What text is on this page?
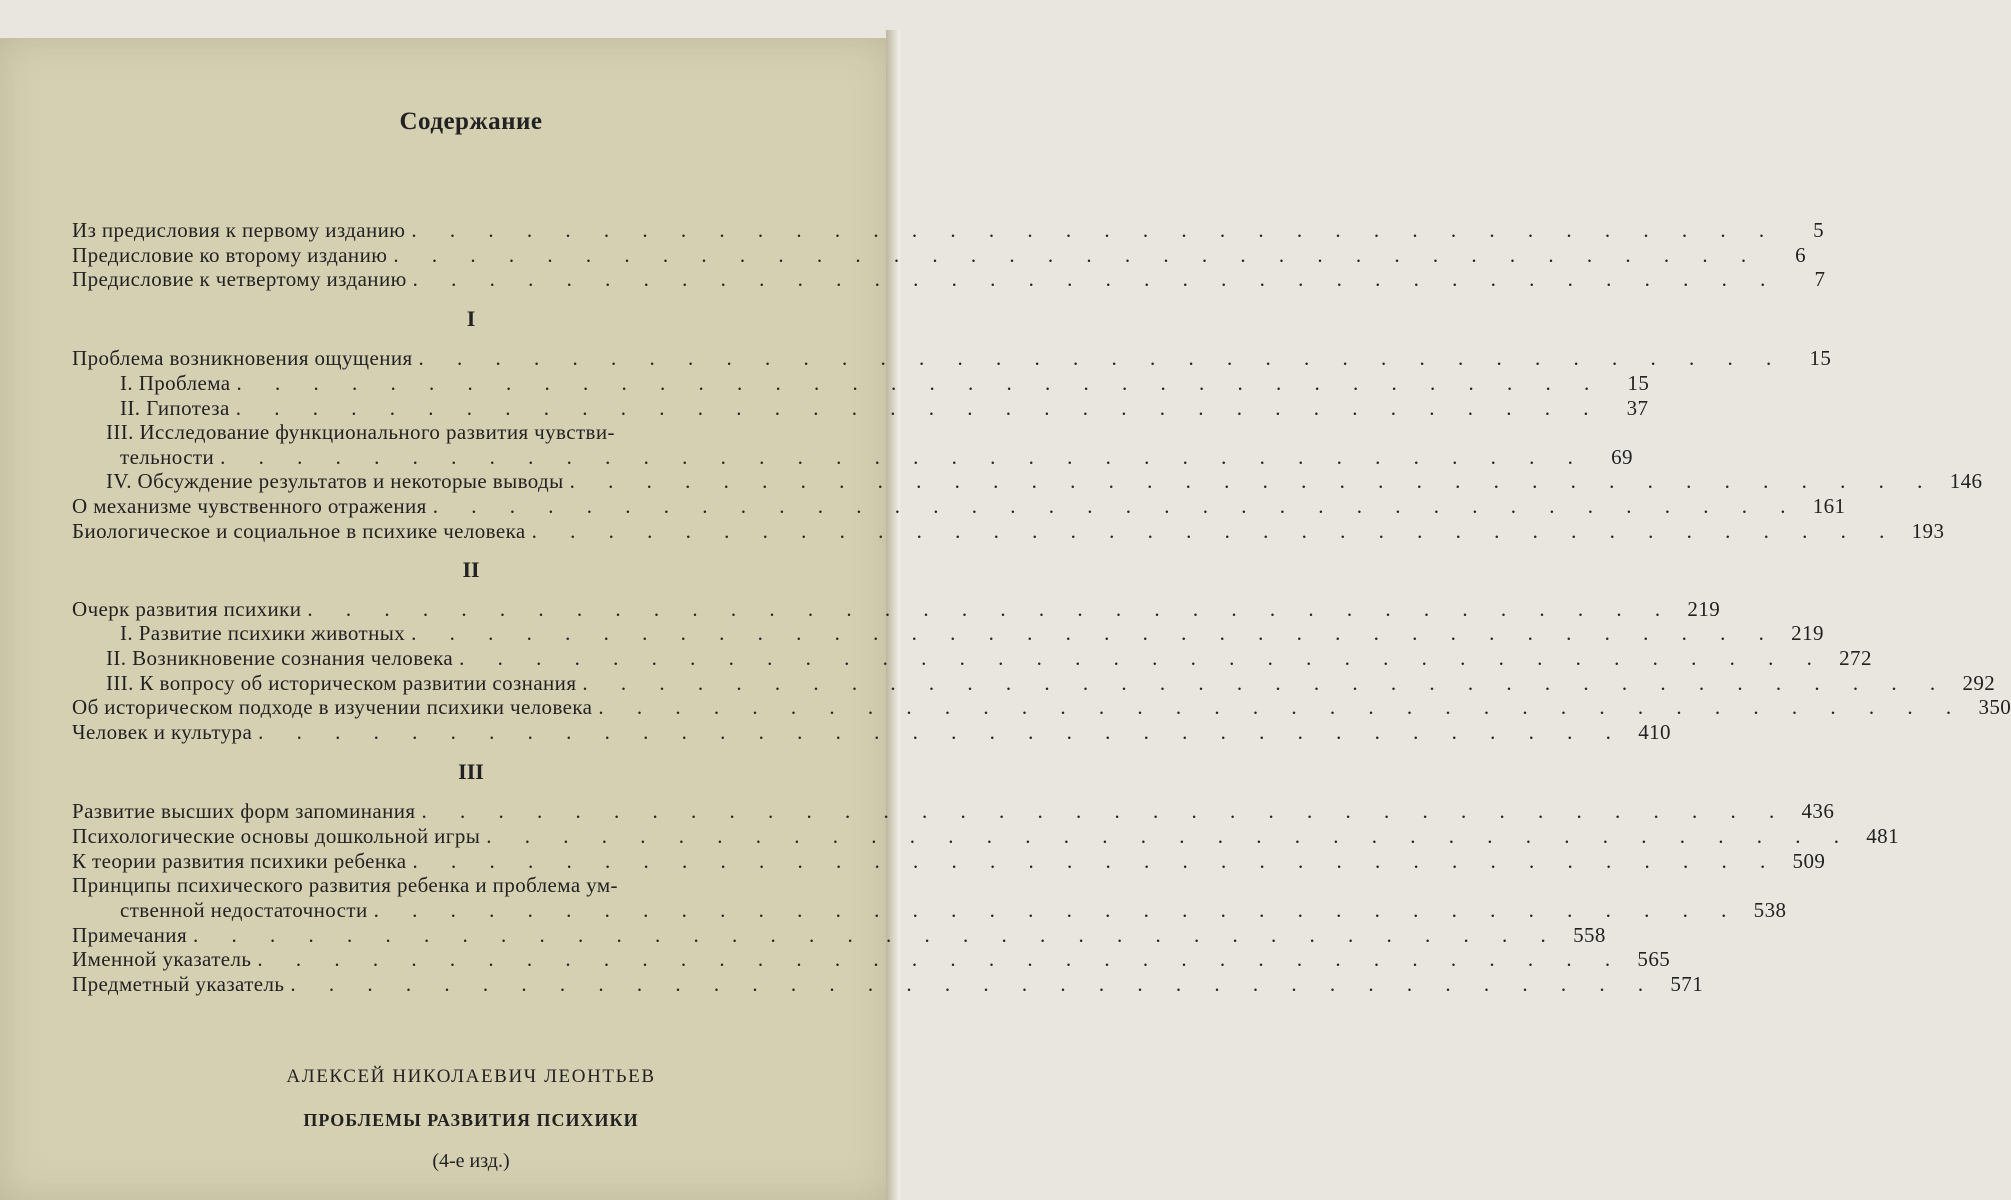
Содержание
Из предисловия к первому изданию . . . . . . . . . . . . . . . . . . . . . . . . . . . . . . . . . . . .	5
Предисловие ко второму изданию . . . . . . . . . . . . . . . . . . . . . . . . . . . . . . . . . . . .	6
Предисловие к четвертому изданию . . . . . . . . . . . . . . . . . . . . . . . . . . . . . . . . . . . .	7
I
Проблема возникновения ощущения . . . . . . . . . . . . . . . . . . . . . . . . . . . . . . . . . . . .	15
I. Проблема . . . . . . . . . . . . . . . . . . . . . . . . . . . . . . . . . . . .	15
II. Гипотеза . . . . . . . . . . . . . . . . . . . . . . . . . . . . . . . . . . . .	37
III. Исследование функционального развития чувстви-
тельности . . . . . . . . . . . . . . . . . . . . . . . . . . . . . . . . . . . .	69
IV. Обсуждение результатов и некоторые выводы . . . . . . . . . . . . . . . . . . . . . . . . . . . . . . . . . . . . 146
О механизме чувственного отражения . . . . . . . . . . . . . . . . . . . . . . . . . . . . . . . . . . . . 161
Биологическое и социальное в психике человека . . . . . . . . . . . . . . . . . . . . . . . . . . . . . . . . . . . . 193
II
Очерк развития психики . . . . . . . . . . . . . . . . . . . . . . . . . . . . . . . . . . . . 219
I. Развитие психики животных . . . . . . . . . . . . . . . . . . . . . . . . . . . . . . . . . . . . 219
II. Возникновение сознания человека . . . . . . . . . . . . . . . . . . . . . . . . . . . . . . . . . . . . 272
III. К вопросу об историческом развитии сознания . . . . . . . . . . . . . . . . . . . . . . . . . . . . . . . . . . . . 292
Об историческом подходе в изучении психики человека . . . . . . . . . . . . . . . . . . . . . . . . . . . . . . . . . . . . 350
Человек и культура . . . . . . . . . . . . . . . . . . . . . . . . . . . . . . . . . . . . 410
III
Развитие высших форм запоминания . . . . . . . . . . . . . . . . . . . . . . . . . . . . . . . . . . . . 436
Психологические основы дошкольной игры . . . . . . . . . . . . . . . . . . . . . . . . . . . . . . . . . . . . 481
К теории развития психики ребенка . . . . . . . . . . . . . . . . . . . . . . . . . . . . . . . . . . . . 509
Принципы психического развития ребенка и проблема ум-
ственной недостаточности . . . . . . . . . . . . . . . . . . . . . . . . . . . . . . . . . . . . 538
Примечания . . . . . . . . . . . . . . . . . . . . . . . . . . . . . . . . . . . . 558
Именной указатель . . . . . . . . . . . . . . . . . . . . . . . . . . . . . . . . . . . . 565
Предметный указатель . . . . . . . . . . . . . . . . . . . . . . . . . . . . . . . . . . . . 571
АЛЕКСЕЙ НИКОЛАЕВИЧ ЛЕОНТЬЕВ
ПРОБЛЕМЫ РАЗВИТИЯ ПСИХИКИ
(4-е изд.)
